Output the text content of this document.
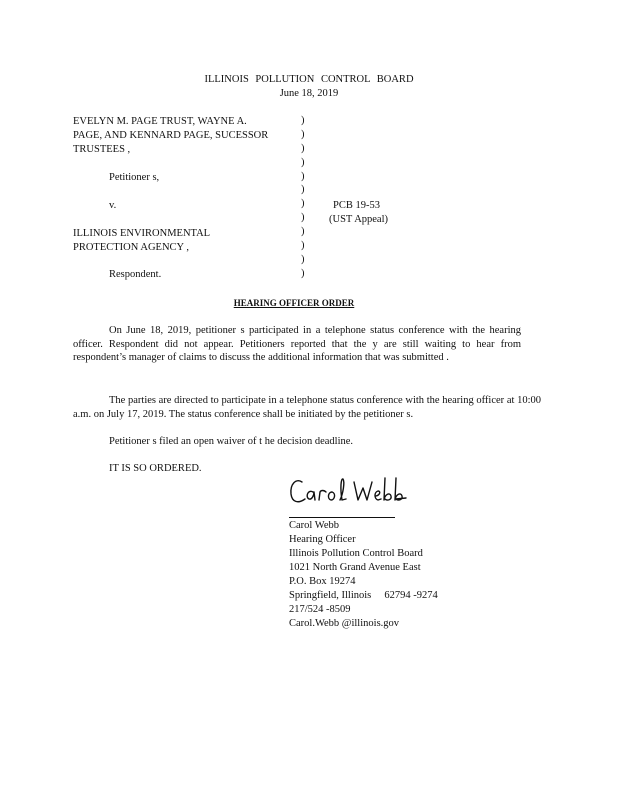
ILLINOIS POLLUTION CONTROL BOARD
June 18, 2019
EVELYN M. PAGE TRUST, WAYNE A.
PAGE, AND KENNARD PAGE, SUCESSOR
TRUSTEES ,
Petitioner s,
v.
ILLINOIS ENVIRONMENTAL
PROTECTION AGENCY ,
Respondent.
)
)
)
)
)
)
)
)
)
)
)
)
PCB 19-53
(UST Appeal)
HEARING OFFICER ORDER

On June 18, 2019, petitioner s participated in a telephone status conference with the hearing officer. Respondent did not appear. Petitioners reported that the y are still waiting to hear from respondent’s manager of claims to discuss the additional information that was submitted .

The parties are directed to participate in a telephone status conference with the hearing officer at 10:00 a.m. on July 17, 2019. The status conference shall be initiated by the petitioner s.

Petitioner s filed an open waiver of t he decision deadline.
IT IS SO ORDERED.
Carol Webb
Hearing Officer
Illinois Pollution Control Board
1021 North Grand Avenue East
P.O. Box 19274
Springfield, Illinois     62794 -9274
217/524 -8509
Carol.Webb @illinois.gov
